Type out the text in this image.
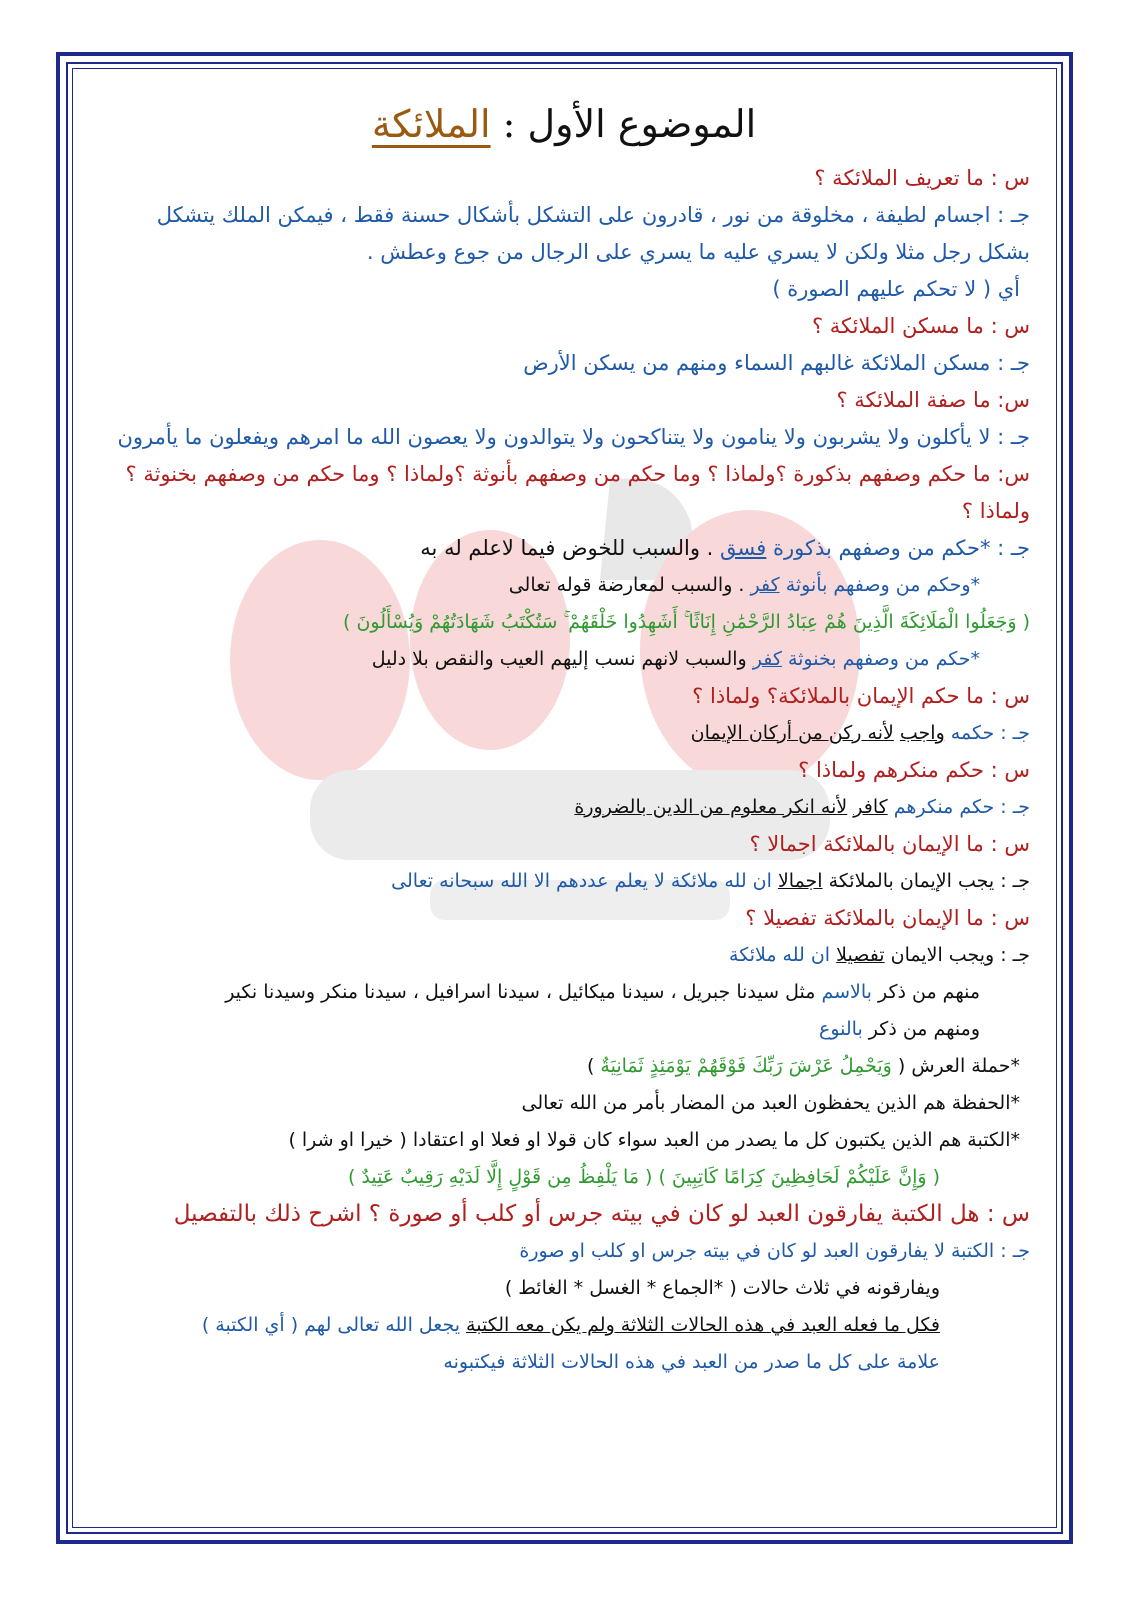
الموضوع الأول : الملائكة
س : ما تعريف الملائكة ؟
جـ : اجسام لطيفة ، مخلوقة من نور ، قادرون على التشكل بأشكال حسنة فقط ، فيمكن الملك يتشكل بشكل رجل مثلا ولكن لا يسري عليه ما يسري على الرجال من جوع وعطش .
أي ( لا تحكم عليهم الصورة )
س : ما مسكن الملائكة ؟
جـ : مسكن الملائكة غالبهم السماء ومنهم من يسكن الأرض
س: ما صفة الملائكة ؟
جـ : لا يأكلون ولا يشربون ولا ينامون ولا يتناكحون ولا يتوالدون ولا يعصون الله ما امرهم ويفعلون ما يأمرون
س: ما حكم وصفهم بذكورة ؟ولماذا ؟ وما حكم من وصفهم بأنوثة ؟ولماذا ؟ وما حكم من وصفهم بخنوثة ؟ ولماذا ؟
جـ : *حكم من وصفهم بذكورة فسق . والسبب للخوض فيما لاعلم له به
*وحكم من وصفهم بأنوثة كفر . والسبب لمعارضة قوله تعالى
( وَجَعَلُوا الْمَلَائِكَةَ الَّذِينَ هُمْ عِبَادُ الرَّحْمَٰنِ إِنَاثًا ۚ أَشَهِدُوا خَلْقَهُمْ ۚ سَتُكْتَبُ شَهَادَتُهُمْ وَيُسْأَلُونَ )
*حكم من وصفهم بخنوثة كفر والسبب لانهم نسب إليهم العيب والنقص بلا دليل
س : ما حكم الإيمان بالملائكة؟ ولماذا ؟
جـ : حكمه واجب لأنه ركن من أركان الإيمان
س : حكم منكرهم ولماذا ؟
جـ : حكم منكرهم كافر لأنه انكر معلوم من الدين بالضرورة
س : ما الإيمان بالملائكة اجمالا ؟
جـ : يجب الإيمان بالملائكة اجمالا ان لله ملائكة لا يعلم عددهم الا الله سبحانه تعالى
س : ما الإيمان بالملائكة تفصيلا ؟
جـ : ويجب الايمان تفصيلا ان لله ملائكة
منهم من ذكر بالاسم مثل سيدنا جبريل ، سيدنا ميكائيل ، سيدنا اسرافيل ، سيدنا منكر وسيدنا نكير
ومنهم من ذكر بالنوع
*حملة العرش ( وَيَحْمِلُ عَرْشَ رَبِّكَ فَوْقَهُمْ يَوْمَئِذٍ ثَمَانِيَةٌ )
*الحفظة هم الذين يحفظون العبد من المضار بأمر من الله تعالى
*الكتبة هم الذين يكتبون كل ما يصدر من العبد سواء كان قولا او فعلا او اعتقادا ( خيرا او شرا )
( وَإِنَّ عَلَيْكُمْ لَحَافِظِينَ كِرَامًا كَاتِبِينَ ) ( مَا يَلْفِظُ مِن قَوْلٍ إِلَّا لَدَيْهِ رَقِيبٌ عَتِيدٌ )
س : هل الكتبة يفارقون العبد لو كان في بيته جرس أو كلب أو صورة ؟ اشرح ذلك بالتفصيل
جـ : الكتبة لا يفارقون العبد لو كان في بيته جرس او كلب او صورة
ويفارقونه في ثلاث حالات ( *الجماع * الغسل * الغائط )
فكل ما فعله العبد في هذه الحالات الثلاثة ولم يكن معه الكتبة يجعل الله تعالى لهم ( أي الكتبة )
علامة على كل ما صدر من العبد في هذه الحالات الثلاثة فيكتبونه
